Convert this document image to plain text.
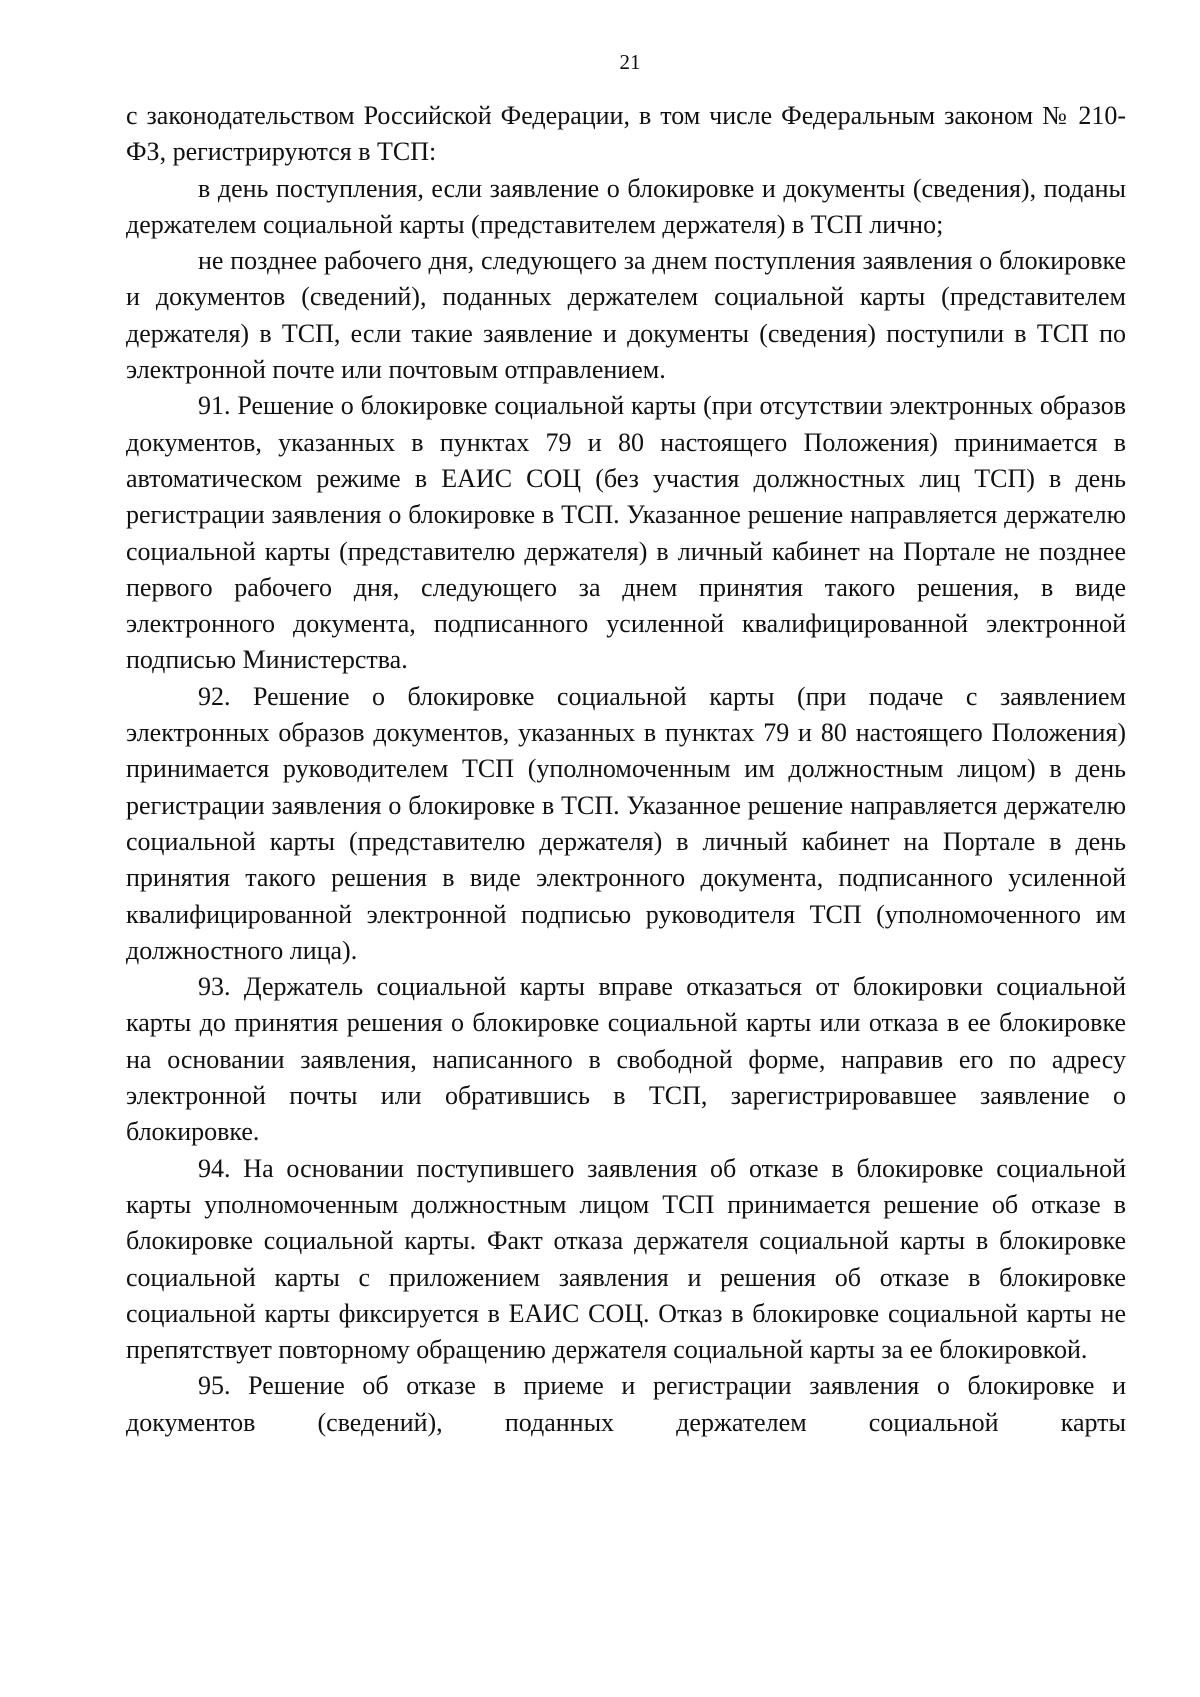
21

с законодательством Российской Федерации, в том числе Федеральным законом № 210-ФЗ, регистрируются в ТСП:

в день поступления, если заявление о блокировке и документы (сведения), поданы держателем социальной карты (представителем держателя) в ТСП лично;

не позднее рабочего дня, следующего за днем поступления заявления о блокировке и документов (сведений), поданных держателем социальной карты (представителем держателя) в ТСП, если такие заявление и документы (сведения) поступили в ТСП по электронной почте или почтовым отправлением.

91. Решение о блокировке социальной карты (при отсутствии электронных образов документов, указанных в пунктах 79 и 80 настоящего Положения) принимается в автоматическом режиме в ЕАИС СОЦ (без участия должностных лиц ТСП) в день регистрации заявления о блокировке в ТСП. Указанное решение направляется держателю социальной карты (представителю держателя) в личный кабинет на Портале не позднее первого рабочего дня, следующего за днем принятия такого решения, в виде электронного документа, подписанного усиленной квалифицированной электронной подписью Министерства.

92. Решение о блокировке социальной карты (при подаче с заявлением электронных образов документов, указанных в пунктах 79 и 80 настоящего Положения) принимается руководителем ТСП (уполномоченным им должностным лицом) в день регистрации заявления о блокировке в ТСП. Указанное решение направляется держателю социальной карты (представителю держателя) в личный кабинет на Портале в день принятия такого решения в виде электронного документа, подписанного усиленной квалифицированной электронной подписью руководителя ТСП (уполномоченного им должностного лица).

93. Держатель социальной карты вправе отказаться от блокировки социальной карты до принятия решения о блокировке социальной карты или отказа в ее блокировке на основании заявления, написанного в свободной форме, направив его по адресу электронной почты или обратившись в ТСП, зарегистрировавшее заявление о блокировке.

94. На основании поступившего заявления об отказе в блокировке социальной карты уполномоченным должностным лицом ТСП принимается решение об отказе в блокировке социальной карты. Факт отказа держателя социальной карты в блокировке социальной карты с приложением заявления и решения об отказе в блокировке социальной карты фиксируется в ЕАИС СОЦ. Отказ в блокировке социальной карты не препятствует повторному обращению держателя социальной карты за ее блокировкой.

95. Решение об отказе в приеме и регистрации заявления о блокировке и документов (сведений), поданных держателем социальной карты
